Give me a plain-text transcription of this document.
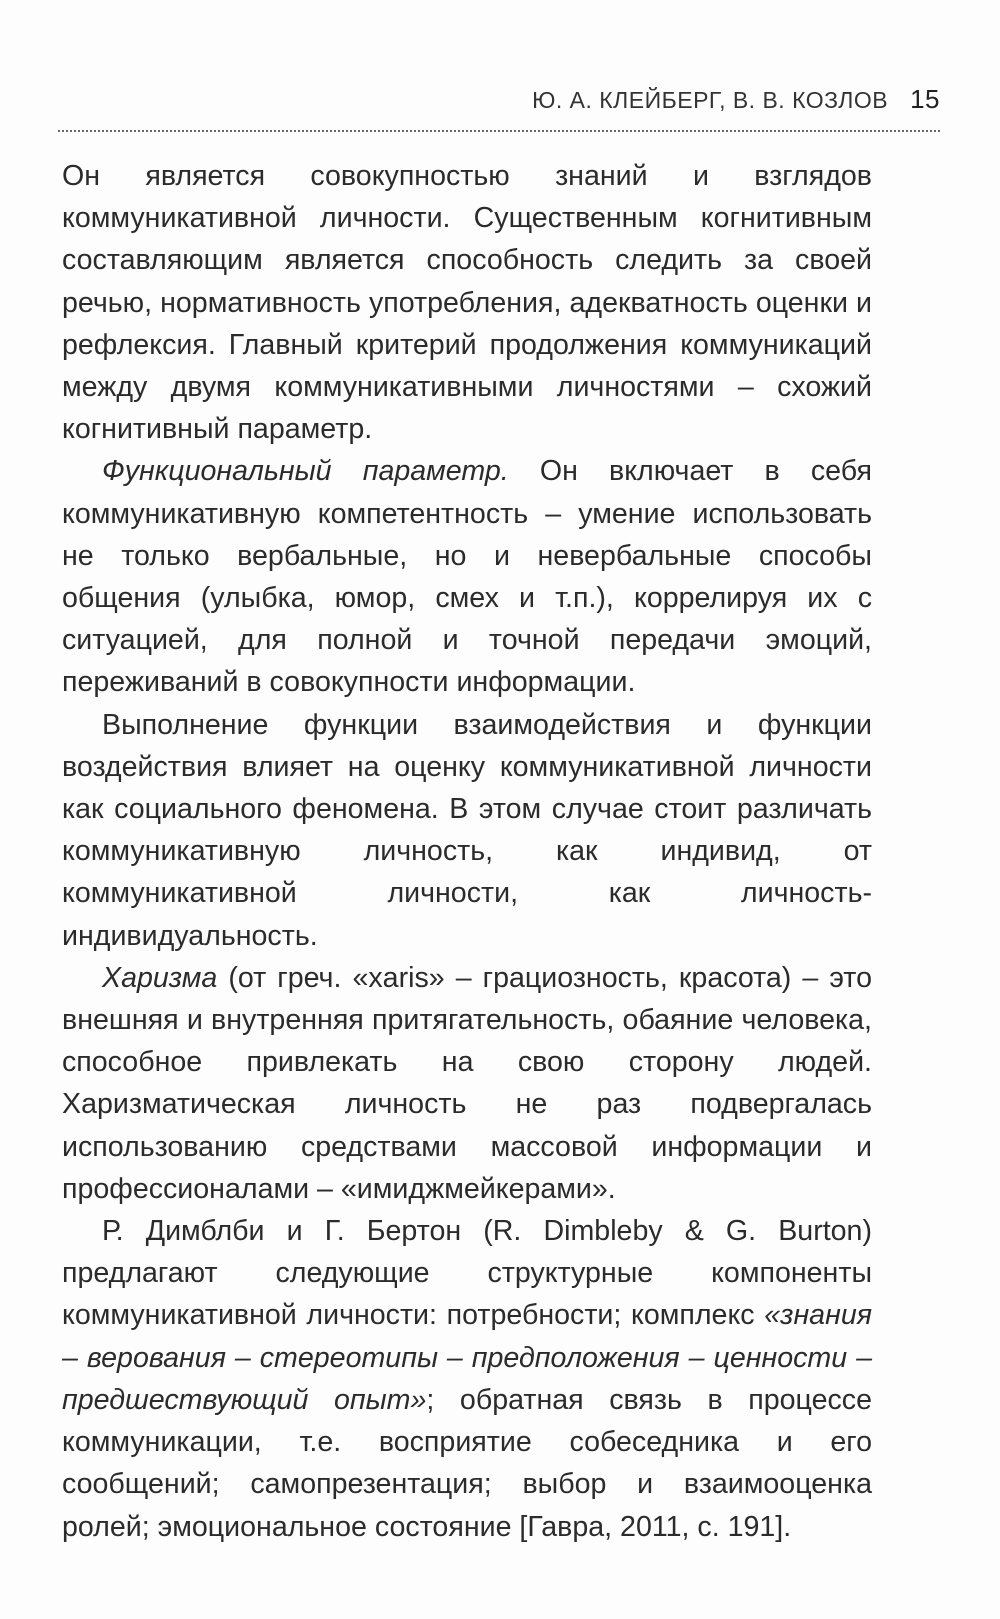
Ю. А. КЛЕЙБЕРГ, В. В. КОЗЛОВ 15

Он является совокупностью знаний и взглядов коммуникативной личности. Существенным когнитивным составляющим является способность следить за своей речью, нормативность употребления, адекватность оценки и рефлексия. Главный критерий продолжения коммуникаций между двумя коммуникативными личностями – схожий когнитивный параметр.

Функциональный параметр. Он включает в себя коммуникативную компетентность – умение использовать не только вербальные, но и невербальные способы общения (улыбка, юмор, смех и т.п.), коррелируя их с ситуацией, для полной и точной передачи эмоций, переживаний в совокупности информации.

Выполнение функции взаимодействия и функции воздействия влияет на оценку коммуникативной личности как социального феномена. В этом случае стоит различать коммуникативную личность, как индивид, от коммуникативной личности, как личность-индивидуальность.

Харизма (от греч. «xaris» – грациозность, красота) – это внешняя и внутренняя притягательность, обаяние человека, способное привлекать на свою сторону людей. Харизматическая личность не раз подвергалась использованию средствами массовой информации и профессионалами – «имиджмейкерами».

Р. Димблби и Г. Бертон (R. Dimbleby & G. Burton) предлагают следующие структурные компоненты коммуникативной личности: потребности; комплекс «знания – верования – стереотипы – предположения – ценности – предшествующий опыт»; обратная связь в процессе коммуникации, т.е. восприятие собеседника и его сообщений; самопрезентация; выбор и взаимооценка ролей; эмоциональное состояние [Гавра, 2011, с. 191].
